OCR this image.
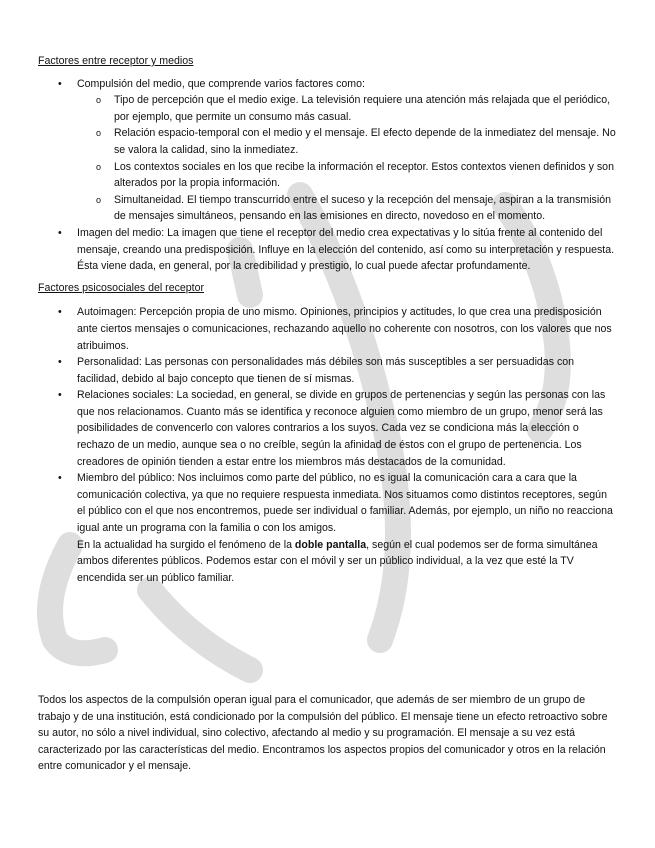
Factores entre receptor y medios
• Compulsión del medio, que comprende varios factores como:
o Tipo de percepción que el medio exige. La televisión requiere una atención más relajada que el periódico, por ejemplo, que permite un consumo más casual.
o Relación espacio-temporal con el medio y el mensaje. El efecto depende de la inmediatez del mensaje. No se valora la calidad, sino la inmediatez.
o Los contextos sociales en los que recibe la información el receptor. Estos contextos vienen definidos y son alterados por la propia información.
o Simultaneidad. El tiempo transcurrido entre el suceso y la recepción del mensaje, aspiran a la transmisión de mensajes simultáneos, pensando en las emisiones en directo, novedoso en el momento.
• Imagen del medio: La imagen que tiene el receptor del medio crea expectativas y lo sitúa frente al contenido del mensaje, creando una predisposición. Influye en la elección del contenido, así como su interpretación y respuesta. Ésta viene dada, en general, por la credibilidad y prestigio, lo cual puede afectar profundamente.
Factores psicosociales del receptor
• Autoimagen: Percepción propia de uno mismo. Opiniones, principios y actitudes, lo que crea una predisposición ante ciertos mensajes o comunicaciones, rechazando aquello no coherente con nosotros, con los valores que nos atribuimos.
• Personalidad: Las personas con personalidades más débiles son más susceptibles a ser persuadidas con facilidad, debido al bajo concepto que tienen de sí mismas.
• Relaciones sociales: La sociedad, en general, se divide en grupos de pertenencias y según las personas con las que nos relacionamos. Cuanto más se identifica y reconoce alguien como miembro de un grupo, menor será las posibilidades de convencerlo con valores contrarios a los suyos. Cada vez se condiciona más la elección o rechazo de un medio, aunque sea o no creíble, según la afinidad de éstos con el grupo de pertenencia. Los creadores de opinión tienden a estar entre los miembros más destacados de la comunidad.
• Miembro del público: Nos incluimos como parte del público, no es igual la comunicación cara a cara que la comunicación colectiva, ya que no requiere respuesta inmediata. Nos situamos como distintos receptores, según el público con el que nos encontremos, puede ser individual o familiar. Además, por ejemplo, un niño no reacciona igual ante un programa con la familia o con los amigos.
En la actualidad ha surgido el fenómeno de la doble pantalla, según el cual podemos ser de forma simultánea ambos diferentes públicos. Podemos estar con el móvil y ser un público individual, a la vez que esté la TV encendida ser un público familiar.

Todos los aspectos de la compulsión operan igual para el comunicador, que además de ser miembro de un grupo de trabajo y de una institución, está condicionado por la compulsión del público. El mensaje tiene un efecto retroactivo sobre su autor, no sólo a nivel individual, sino colectivo, afectando al medio y su programación. El mensaje a su vez está caracterizado por las características del medio. Encontramos los aspectos propios del comunicador y otros en la relación entre comunicador y el mensaje.
